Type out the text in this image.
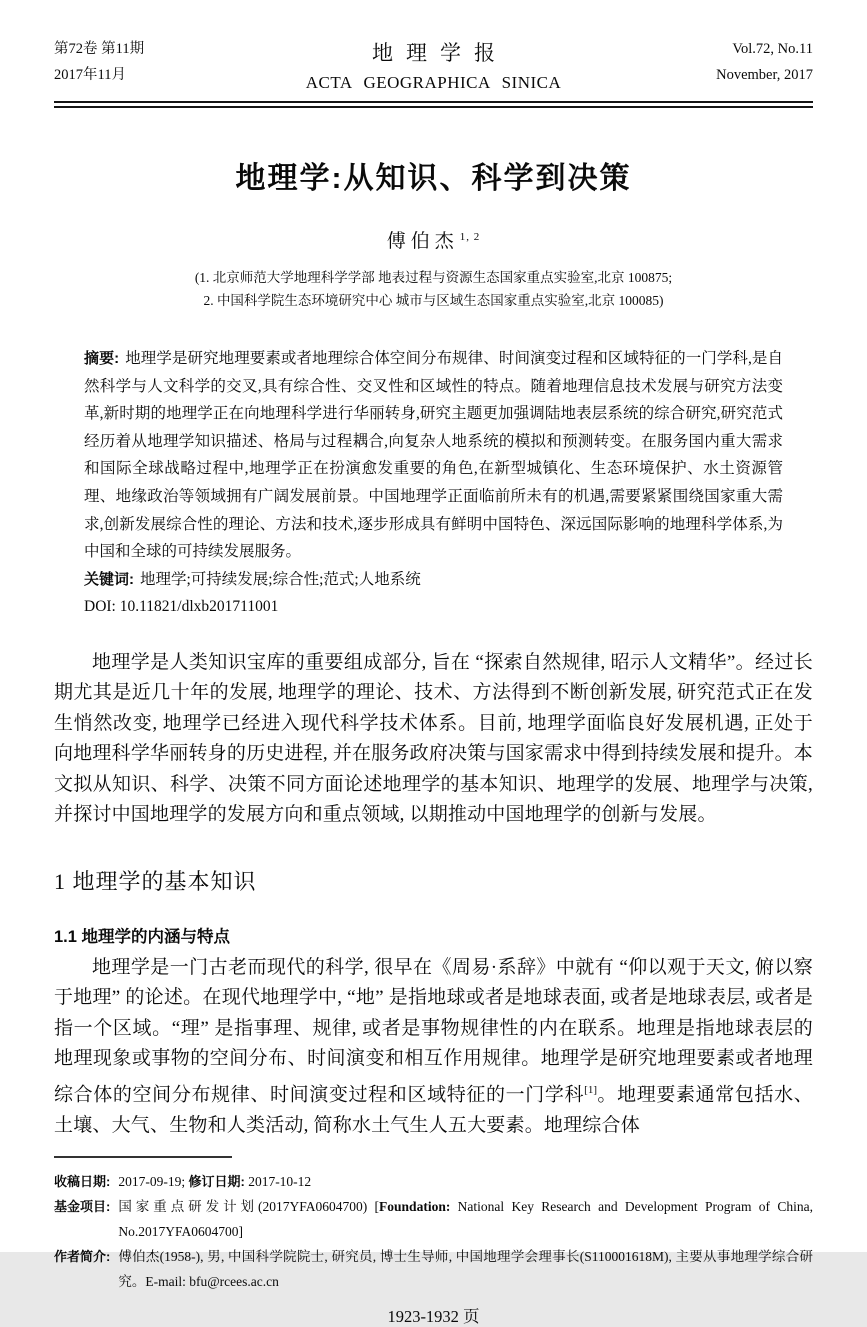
第72卷 第11期
2017年11月
地理学报
ACTA GEOGRAPHICA SINICA
Vol.72, No.11
November, 2017
地理学:从知识、科学到决策
傅伯杰$^{1, 2}$
(1. 北京师范大学地理科学学部 地表过程与资源生态国家重点实验室,北京 100875;
2. 中国科学院生态环境研究中心 城市与区域生态国家重点实验室,北京 100085)

摘要: 地理学是研究地理要素或者地理综合体空间分布规律、时间演变过程和区域特征的一门学科,是自然科学与人文科学的交叉,具有综合性、交叉性和区域性的特点。随着地理信息技术发展与研究方法变革,新时期的地理学正在向地理科学进行华丽转身,研究主题更加强调陆地表层系统的综合研究,研究范式经历着从地理学知识描述、格局与过程耦合,向复杂人地系统的模拟和预测转变。在服务国内重大需求和国际全球战略过程中,地理学正在扮演愈发重要的角色,在新型城镇化、生态环境保护、水土资源管理、地缘政治等领域拥有广阔发展前景。中国地理学正面临前所未有的机遇,需要紧紧围绕国家重大需求,创新发展综合性的理论、方法和技术,逐步形成具有鲜明中国特色、深远国际影响的地理科学体系,为中国和全球的可持续发展服务。

关键词: 地理学;可持续发展;综合性;范式;人地系统

DOI: 10.11821/dlxb201711001

地理学是人类知识宝库的重要组成部分, 旨在 “探索自然规律, 昭示人文精华”。经过长期尤其是近几十年的发展, 地理学的理论、技术、方法得到不断创新发展, 研究范式正在发生悄然改变, 地理学已经进入现代科学技术体系。目前, 地理学面临良好发展机遇, 正处于向地理科学华丽转身的历史进程, 并在服务政府决策与国家需求中得到持续发展和提升。本文拟从知识、科学、决策不同方面论述地理学的基本知识、地理学的发展、地理学与决策, 并探讨中国地理学的发展方向和重点领域, 以期推动中国地理学的创新与发展。

1 地理学的基本知识
1.1 地理学的内涵与特点

地理学是一门古老而现代的科学, 很早在《周易·系辞》中就有 “仰以观于天文, 俯以察于地理” 的论述。在现代地理学中, “地” 是指地球或者是地球表面, 或者是地球表层, 或者是指一个区域。“理” 是指事理、规律, 或者是事物规律性的内在联系。地理是指地球表层的地理现象或事物的空间分布、时间演变和相互作用规律。地理学是研究地理要素或者地理综合体的空间分布规律、时间演变过程和区域特征的一门学科[1]。地理要素通常包括水、土壤、大气、生物和人类活动, 简称水土气生人五大要素。地理综合体

收稿日期: 2017-09-19; 修订日期: 2017-10-12
基金项目: 国家重点研发计划(2017YFA0604700) [Foundation: National Key Research and Development Program of China, No.2017YFA0604700]
作者简介: 傅伯杰(1958-), 男, 中国科学院院士, 研究员, 博士生导师, 中国地理学会理事长(S110001618M), 主要从事地理学综合研究。E-mail: bfu@rcees.ac.cn
1923-1932 页
